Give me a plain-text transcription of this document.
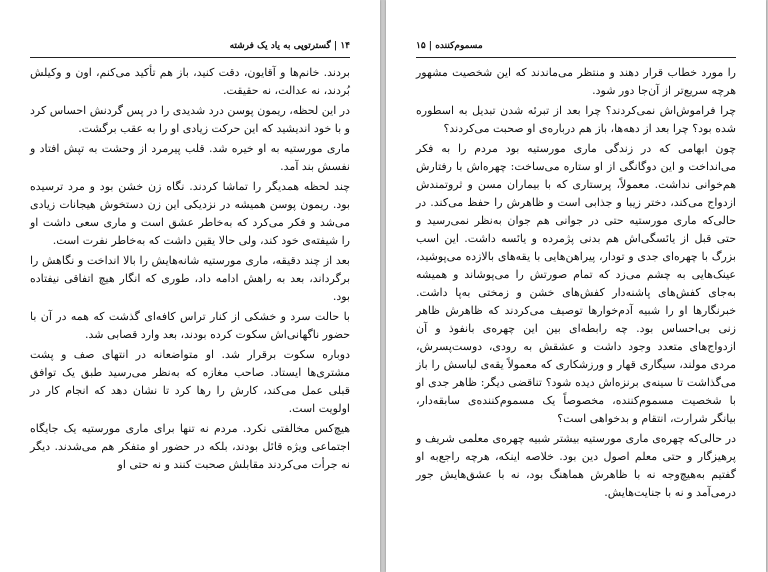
۱۴ | گسترتوپی به یاد یک فرشته

بردند. خانم‌ها و آقایون، دقت کنید، باز هم تأکید می‌کنم، اون و وکیلش بُردند، نه عدالت، نه حقیقت.

در این لحظه، ریمون پوسن درد شدیدی را در پس گردنش احساس کرد و با خود اندیشید که این حرکت زیادی او را به عقب برگشت.

ماری مورستیه به او خیره شد. قلب پیرمرد از وحشت به تپش افتاد و نفسش بند آمد.

چند لحظه همدیگر را تماشا کردند. نگاه زن خشن بود و مرد ترسیده بود. ریمون پوسن همیشه در نزدیکی این زن دستخوش هیجانات زیادی می‌شد و فکر می‌کرد که به‌خاطر عشق است و ماری سعی داشت او را شیفته‌ی خود کند، ولی حالا یقین داشت که به‌خاطر نفرت است.

بعد از چند دقیقه، ماری مورستیه شانه‌هایش را بالا انداخت و نگاهش را برگرداند، بعد به راهش ادامه داد، طوری که انگار هیچ اتفاقی نیفتاده بود.

با حالت سرد و خشکی از کنار تراس کافه‌ای گذشت که همه در آن با حضور ناگهانی‌اش سکوت کرده بودند، بعد وارد قصابی شد.

دوباره سکوت برقرار شد. او متواضعانه در انتهای صف و پشت مشتری‌ها ایستاد. صاحب مغازه که به‌نظر می‌رسید طبق یک توافق قبلی عمل می‌کند، کارش را رها کرد تا نشان دهد که انجام کار در اولویت است.

هیچ‌کس مخالفتی نکرد. مردم نه تنها برای ماری مورستیه یک جایگاه اجتماعی ویژه قائل بودند، بلکه در حضور او متفکر هم می‌شدند. دیگر نه جرأت می‌کردند مقابلش صحبت کنند و نه حتی او

مسموم‌کننده | ۱۵

را مورد خطاب قرار دهند و منتظر می‌ماندند که این شخصیت مشهور هرچه سریع‌تر از آن‌جا دور شود.

چرا فراموش‌اش نمی‌کردند؟ چرا بعد از تبرئه شدن تبدیل به اسطوره شده بود؟ چرا بعد از دهه‌ها، باز هم درباره‌ی او صحبت می‌کردند؟

چون ابهامی که در زندگی ماری مورستیه بود مردم را به فکر می‌انداخت و این دوگانگی از او ستاره می‌ساخت: چهره‌اش با رفتارش هم‌خوانی نداشت. معمولاً، پرستاری که با بیماران مسن و ثروتمندش ازدواج می‌کند، دختر زیبا و جذابی است و ظاهرش را حفظ می‌کند. در حالی‌که ماری مورستیه حتی در جوانی هم جوان به‌نظر نمی‌رسید و حتی قبل از یائسگی‌اش هم بدنی پژمرده و یائسه داشت. این اسب بزرگ با چهره‌ای جدی و تودار، پیراهن‌هایی با یقه‌های بالازده می‌پوشید، عینک‌هایی به چشم می‌زد که تمام صورتش را می‌پوشاند و همیشه به‌جای کفش‌های پاشنه‌دار کفش‌های خشن و زمختی به‌پا داشت. خبرنگارها او را شبیه آدم‌خوارها توصیف می‌کردند که ظاهرش ظاهر زنی بی‌احساس بود. چه رابطه‌ای بین این چهره‌ی بانفوذ و آن ازدواج‌های متعدد وجود داشت و عشقش به رودی، دوست‌پسرش، مردی مولند، سیگاری قهار و ورزشکاری که معمولاً یقه‌ی لباسش را باز می‌گذاشت تا سینه‌ی برنزه‌اش دیده شود؟ تناقضی دیگر: ظاهر جدی او با شخصیت مسموم‌کننده، مخصوصاً یک مسموم‌کننده‌ی سابقه‌دار، بیانگر شرارت، انتقام و بدخواهی است؟

در حالی‌که چهره‌ی ماری مورستیه بیشتر شبیه چهره‌ی معلمی شریف و پرهیزگار و حتی معلم اصول دین بود. خلاصه اینکه، هرچه راجع‌به او گفتیم به‌هیچ‌وجه نه با ظاهرش هماهنگ بود، نه با عشق‌هایش جور درمی‌آمد و نه با جنایت‌هایش.
